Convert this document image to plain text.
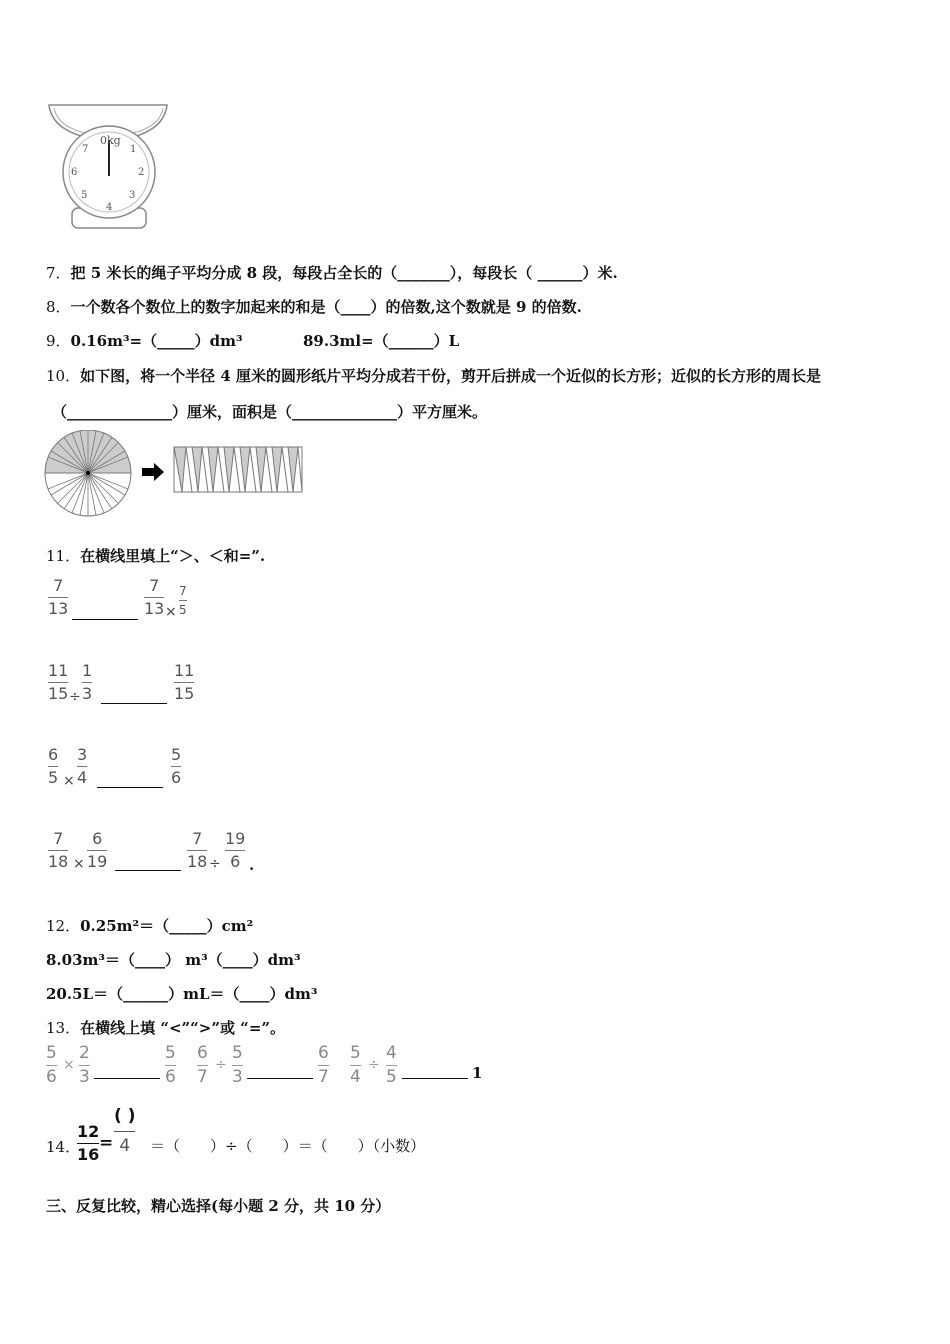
0kg
1
2
3
4
5
6
7
7．把 5 米长的绳子平均分成 8 段，每段占全长的（_______），每段长（ ______）米.
8．一个数各个数位上的数字加起来的和是（____）的倍数,这个数就是 9 的倍数.
9．0.16m³=（_____）dm³	89.3ml=（______）L
10．如下图，将一个半径 4 厘米的圆形纸片平均分成若干份，剪开后拼成一个近似的长方形；近似的长方形的周长是
（______________）厘米，面积是（______________）平方厘米。
11．在横线里填上“＞、＜和=”.
7
13
7
13 ×
7
5
11
15 ÷
1
3
11
15
6
5 ×
3
4
5
6
7
18 ×
6
19
7
18 ÷
19
6 .
12．0.25m²＝（_____）cm²
8.03m³＝（____） m³（____）dm³
20.5L＝（______）mL＝（____）dm³
13．在横线上填 “<”“>”或 “=”。
5
6
×
2
3
5
6
6
7
÷
5
3
6
7
5
4
÷
4
5	1
14．
12
16
=
( )
4	＝（　　）÷（　　）＝（　　）（小数）
三、反复比较，精心选择(每小题 2 分，共 10 分）
